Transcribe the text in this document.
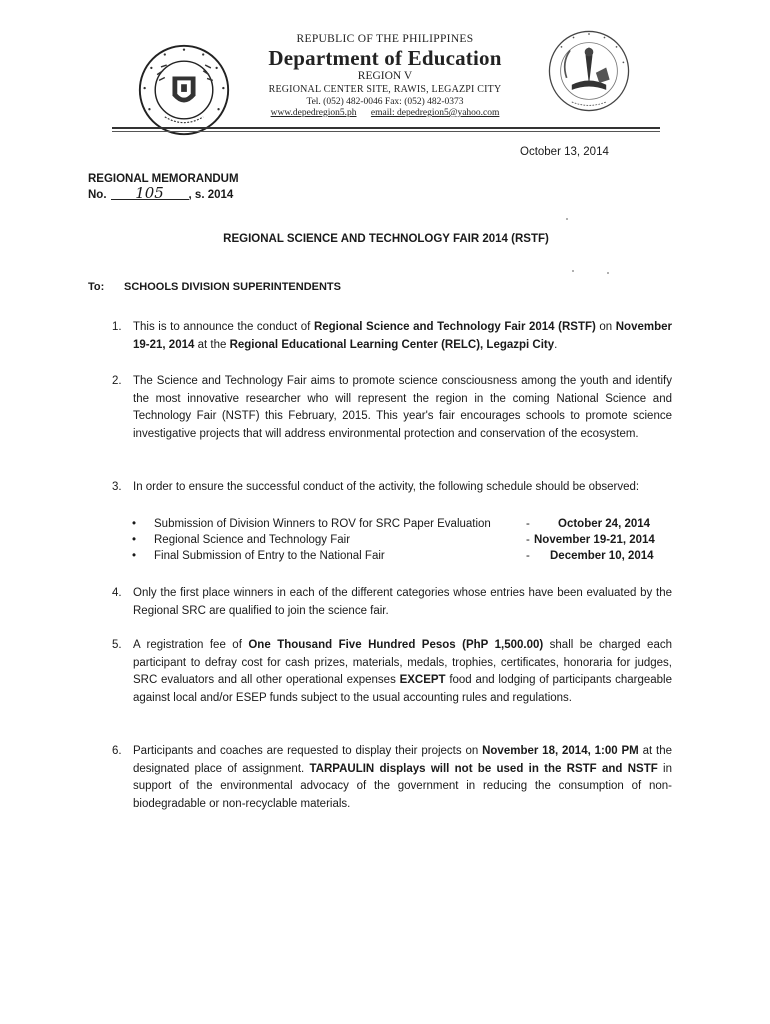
REPUBLIC OF THE PHILIPPINES
Department of Education
REGION V
REGIONAL CENTER SITE, RAWIS, LEGAZPI CITY
Tel. (052) 482-0046 Fax: (052) 482-0373
www.depedregion5.ph email: depedregion5@yahoo.com
October 13, 2014
REGIONAL MEMORANDUM
No. 105 , s. 2014
REGIONAL SCIENCE AND TECHNOLOGY FAIR 2014 (RSTF)
To: SCHOOLS DIVISION SUPERINTENDENTS
1. This is to announce the conduct of Regional Science and Technology Fair 2014 (RSTF) on November 19-21, 2014 at the Regional Educational Learning Center (RELC), Legazpi City.
2. The Science and Technology Fair aims to promote science consciousness among the youth and identify the most innovative researcher who will represent the region in the coming National Science and Technology Fair (NSTF) this February, 2015. This year's fair encourages schools to promote science investigative projects that will address environmental protection and conservation of the ecosystem.
3. In order to ensure the successful conduct of the activity, the following schedule should be observed:
• Submission of Division Winners to ROV for SRC Paper Evaluation	- October 24, 2014
• Regional Science and Technology Fair	- November 19-21, 2014
• Final Submission of Entry to the National Fair	- December 10, 2014
4. Only the first place winners in each of the different categories whose entries have been evaluated by the Regional SRC are qualified to join the science fair.
5. A registration fee of One Thousand Five Hundred Pesos (PhP 1,500.00) shall be charged each participant to defray cost for cash prizes, materials, medals, trophies, certificates, honoraria for judges, SRC evaluators and all other operational expenses EXCEPT food and lodging of participants chargeable against local and/or ESEP funds subject to the usual accounting rules and regulations.
6. Participants and coaches are requested to display their projects on November 18, 2014, 1:00 PM at the designated place of assignment. TARPAULIN displays will not be used in the RSTF and NSTF in support of the environmental advocacy of the government in reducing the consumption of non-biodegradable or non-recyclable materials.
